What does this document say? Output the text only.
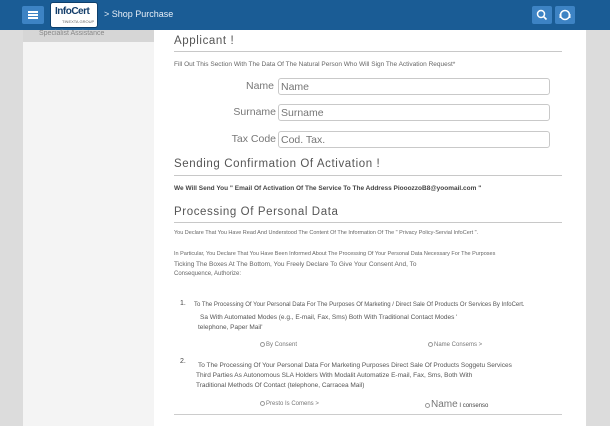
InfoCert
TINEXTA GROUP
> Shop Purchase
Specialist Assistance
Applicant !
Fill Out This Section With The Data Of The Natural Person Who Will Sign The Activation Request*
Name
Name
Surname
Surname
Tax Code
Cod. Tax.
Sending Confirmation Of Activation !
We Will Send You " Email Of Activation Of The Service To The Address PiooozzoB8@yoomail.com "
Processing Of Personal Data
You Declare That You Have Read And Understood The Content Of The Information Of The " Privacy Policy-Servial InfoCert ".
In Particular, You Declare That You Have Been Informed About The Processing Of Your Personal Data Necessary For The Purposes
Ticking The Boxes At The Bottom, You Freely Declare To Give Your Consent And, To
Consequence, Authorize:
1. To The Processing Of Your Personal Data For The Purposes Of Marketing / Direct Sale Of Products Or Services By InfoCert.
Sa With Automated Modes (e.g., E-mail, Fax, Sms) Both With Traditional Contact Modes '
telephone, Paper Mail'
By Consent	Name Consems >
2.
To The Processing Of Your Personal Data For Marketing Purposes Direct Sale Of Products Soggetu Services
Third Parties As Autonomous SLA Holders With Modalit Automatize E-mail, Fax, Sms, Both With
Traditional Methods Of Contact (telephone, Carracea Mail)
Presto Is Comens >	Name I consenso
